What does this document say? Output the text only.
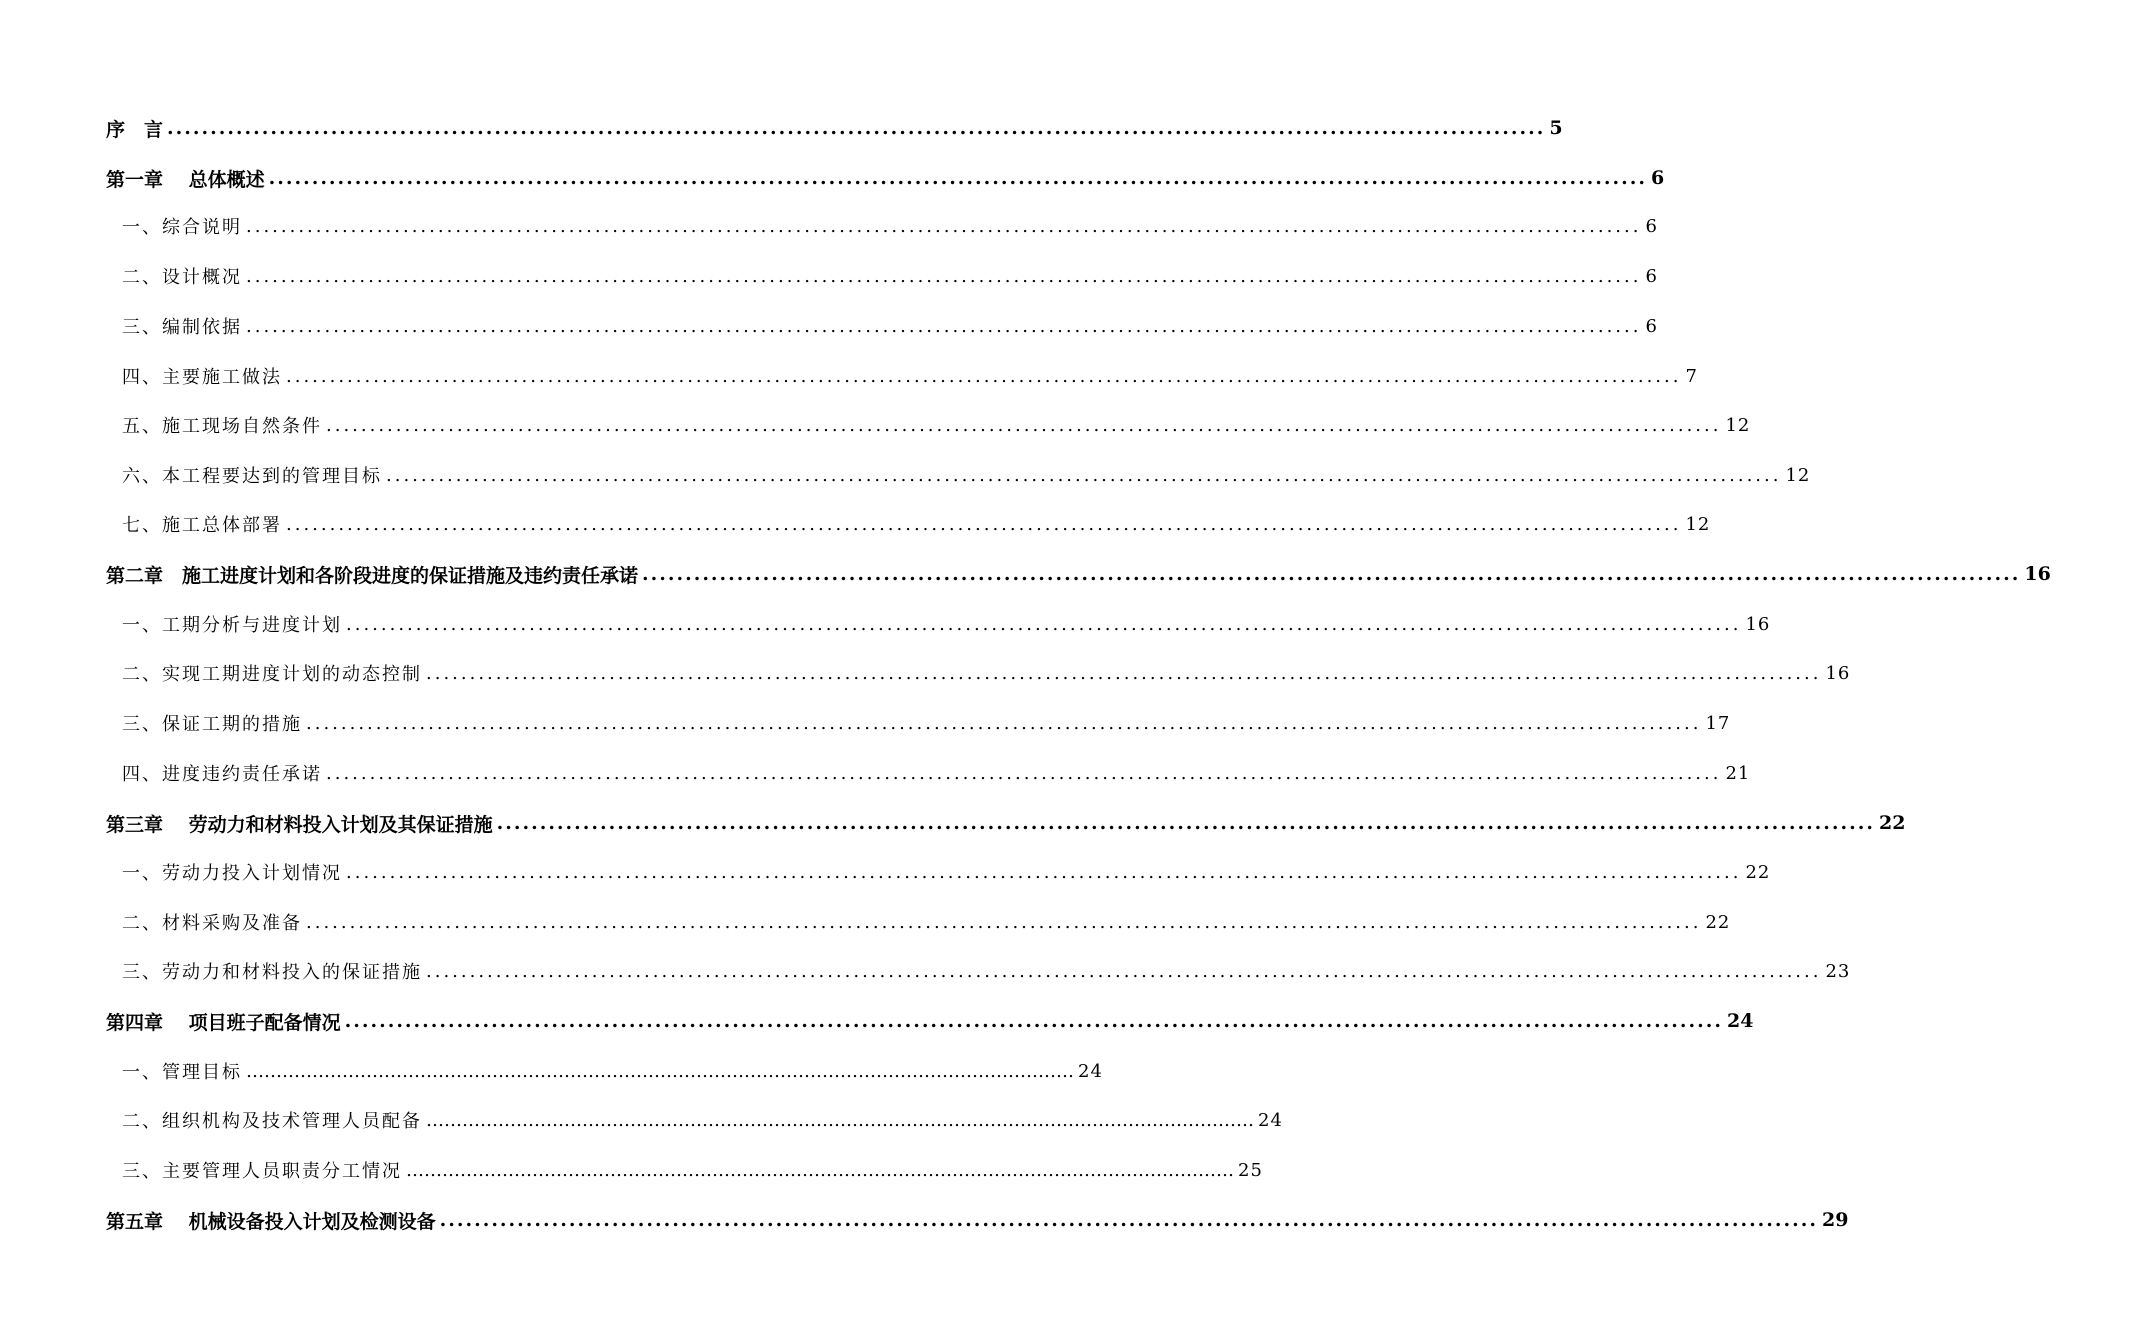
序　言 ................................................................................................................................................................ 5
第一章　 总体概述 ................................................................................................................................................................ 6
一、综合说明 ................................................................................................................................................................ 6
二、设计概况 ................................................................................................................................................................ 6
三、编制依据 ................................................................................................................................................................ 6
四、主要施工做法 ................................................................................................................................................................ 7
五、施工现场自然条件 ................................................................................................................................................................ 12
六、本工程要达到的管理目标 ................................................................................................................................................................ 12
七、施工总体部署 ................................................................................................................................................................ 12
第二章　施工进度计划和各阶段进度的保证措施及违约责任承诺 ................................................................................................................................................................ 16
一、工期分析与进度计划 ................................................................................................................................................................ 16
二、实现工期进度计划的动态控制 ................................................................................................................................................................ 16
三、保证工期的措施 ................................................................................................................................................................ 17
四、进度违约责任承诺 ................................................................................................................................................................ 21
第三章　 劳动力和材料投入计划及其保证措施 ................................................................................................................................................................ 22
一、劳动力投入计划情况 ................................................................................................................................................................ 22
二、材料采购及准备 ................................................................................................................................................................ 22
三、劳动力和材料投入的保证措施 ................................................................................................................................................................ 23
第四章　 项目班子配备情况 ................................................................................................................................................................ 24
一、管理目标 ………………………………………………………………………………………………………………………… 24
二、组织机构及技术管理人员配备 ………………………………………………………………………………………………………………………… 24
三、主要管理人员职责分工情况 ………………………………………………………………………………………………………………………… 25
第五章　 机械设备投入计划及检测设备 ................................................................................................................................................................ 29
